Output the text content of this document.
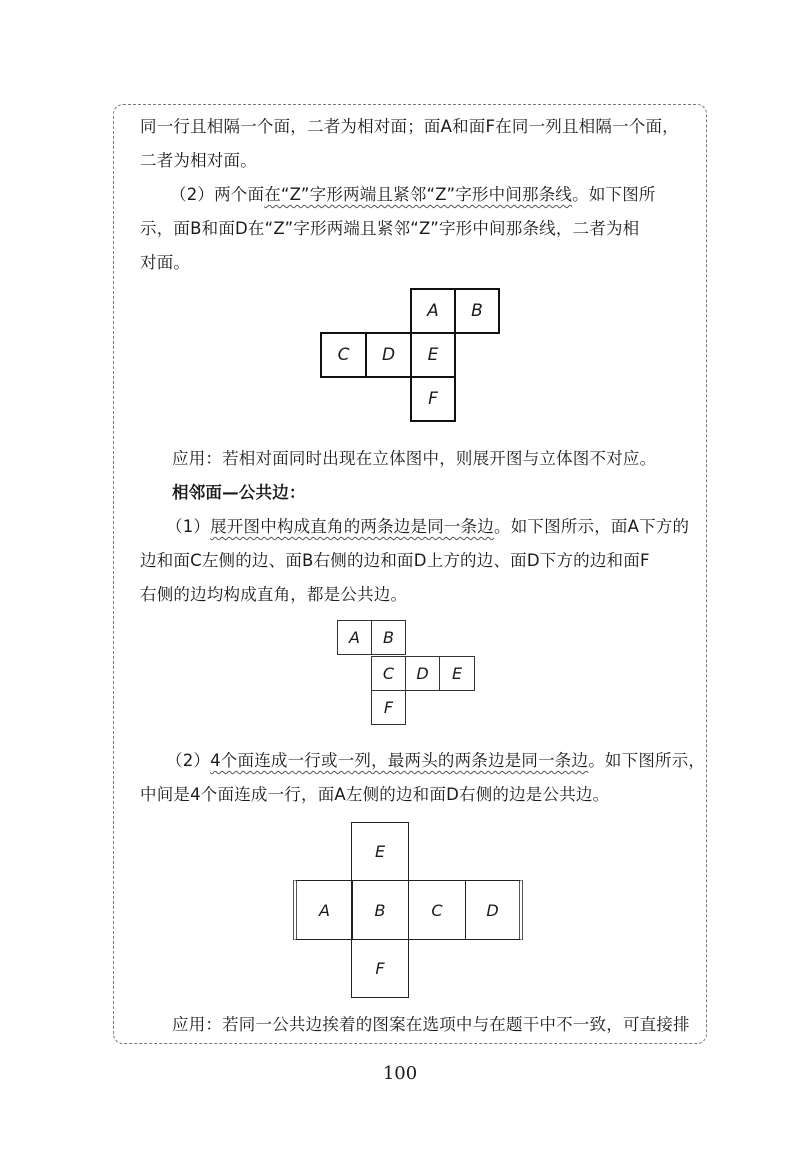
同一行且相隔一个面，二者为相对面；面A和面F在同一列且相隔一个面，
二者为相对面。

（2）两个面在“Z”字形两端且紧邻“Z”字形中间那条线。如下图所
示，面B和面D在“Z”字形两端且紧邻“Z”字形中间那条线，二者为相
对面。

A	B
C	D	E
F

应用：若相对面同时出现在立体图中，则展开图与立体图不对应。
相邻面—公共边：

（1）展开图中构成直角的两条边是同一条边。如下图所示，面A下方的
边和面C左侧的边、面B右侧的边和面D上方的边、面D下方的边和面F
右侧的边均构成直角，都是公共边。

A	B
C	D	E
F

（2）4个面连成一行或一列，最两头的两条边是同一条边。如下图所示，
中间是4个面连成一行，面A左侧的边和面D右侧的边是公共边。

E
A	B	C	D
F

应用：若同一公共边挨着的图案在选项中与在题干中不一致，可直接排

100
